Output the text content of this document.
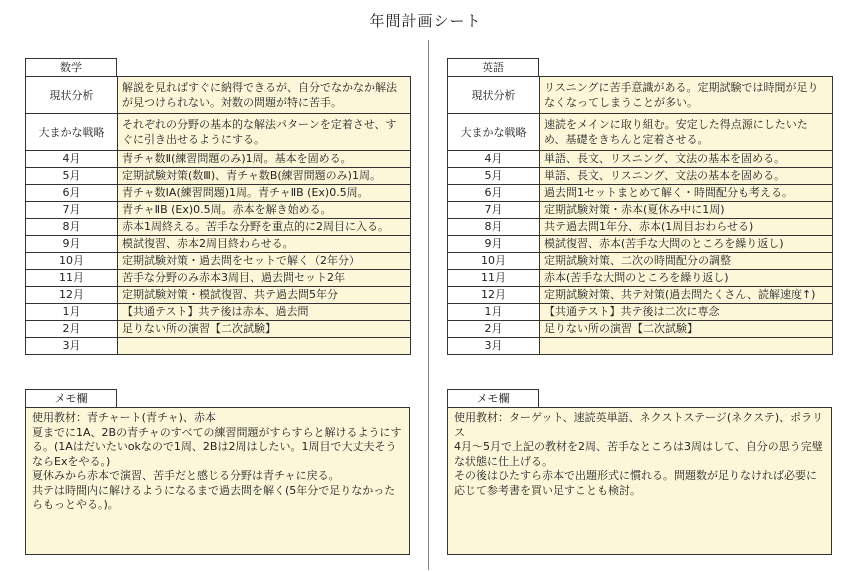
年間計画シート
数学
現状分析	解説を見ればすぐに納得できるが、自分でなかなか解法が見つけられない。対数の問題が特に苦手。
大まかな戦略	それぞれの分野の基本的な解法パターンを定着させ、すぐに引き出せるようにする。
4月	青チャ数Ⅱ(練習問題のみ)1周。基本を固める。
5月	定期試験対策(数Ⅲ)、青チャ数B(練習問題のみ)1周。
6月	青チャ数ⅠA(練習問題)1周。青チャⅡB (Ex)0.5周。
7月	青チャⅡB (Ex)0.5周。赤本を解き始める。
8月	赤本1周終える。苦手な分野を重点的に2周目に入る。
9月	模試復習、赤本2周目終わらせる。
10月	定期試験対策・過去問をセットで解く（2年分）
11月	苦手な分野のみ赤本3周目、過去問セット2年
12月	定期試験対策・模試復習、共テ過去問5年分
1月	【共通テスト】共テ後は赤本、過去問
2月	足りない所の演習【二次試験】
3月	
メモ欄
使用教材：青チャート(青チャ)、赤本
夏までに1A、2Bの青チャのすべての練習問題がすらすらと解けるようにする。(1Aはだいたいokなので1周、2Bは2周はしたい。1周目で大丈夫そうならExをやる。)
夏休みから赤本で演習、苦手だと感じる分野は青チャに戻る。
共テは時間内に解けるようになるまで過去問を解く(5年分で足りなかったらもっとやる。)。
英語
現状分析	リスニングに苦手意識がある。定期試験では時間が足りなくなってしまうことが多い。
大まかな戦略	速読をメインに取り組む。安定した得点源にしたいため、基礎をきちんと定着させる。
4月	単語、長文、リスニング、文法の基本を固める。
5月	単語、長文、リスニング、文法の基本を固める。
6月	過去問1セットまとめて解く・時間配分も考える。
7月	定期試験対策・赤本(夏休み中に1周)
8月	共テ過去問1年分、赤本(1周目おわらせる)
9月	模試復習、赤本(苦手な大問のところを繰り返し)
10月	定期試験対策、二次の時間配分の調整
11月	赤本(苦手な大問のところを繰り返し)
12月	定期試験対策、共テ対策(過去問たくさん、読解速度↑)
1月	【共通テスト】共テ後は二次に専念
2月	足りない所の演習【二次試験】
3月	
メモ欄
使用教材：ターゲット、速読英単語、ネクストステージ(ネクステ)、ポラリス
4月〜5月で上記の教材を2周、苦手なところは3周はして、自分の思う完璧な状態に仕上げる。
その後はひたすら赤本で出題形式に慣れる。問題数が足りなければ必要に応じて参考書を買い足すことも検討。
